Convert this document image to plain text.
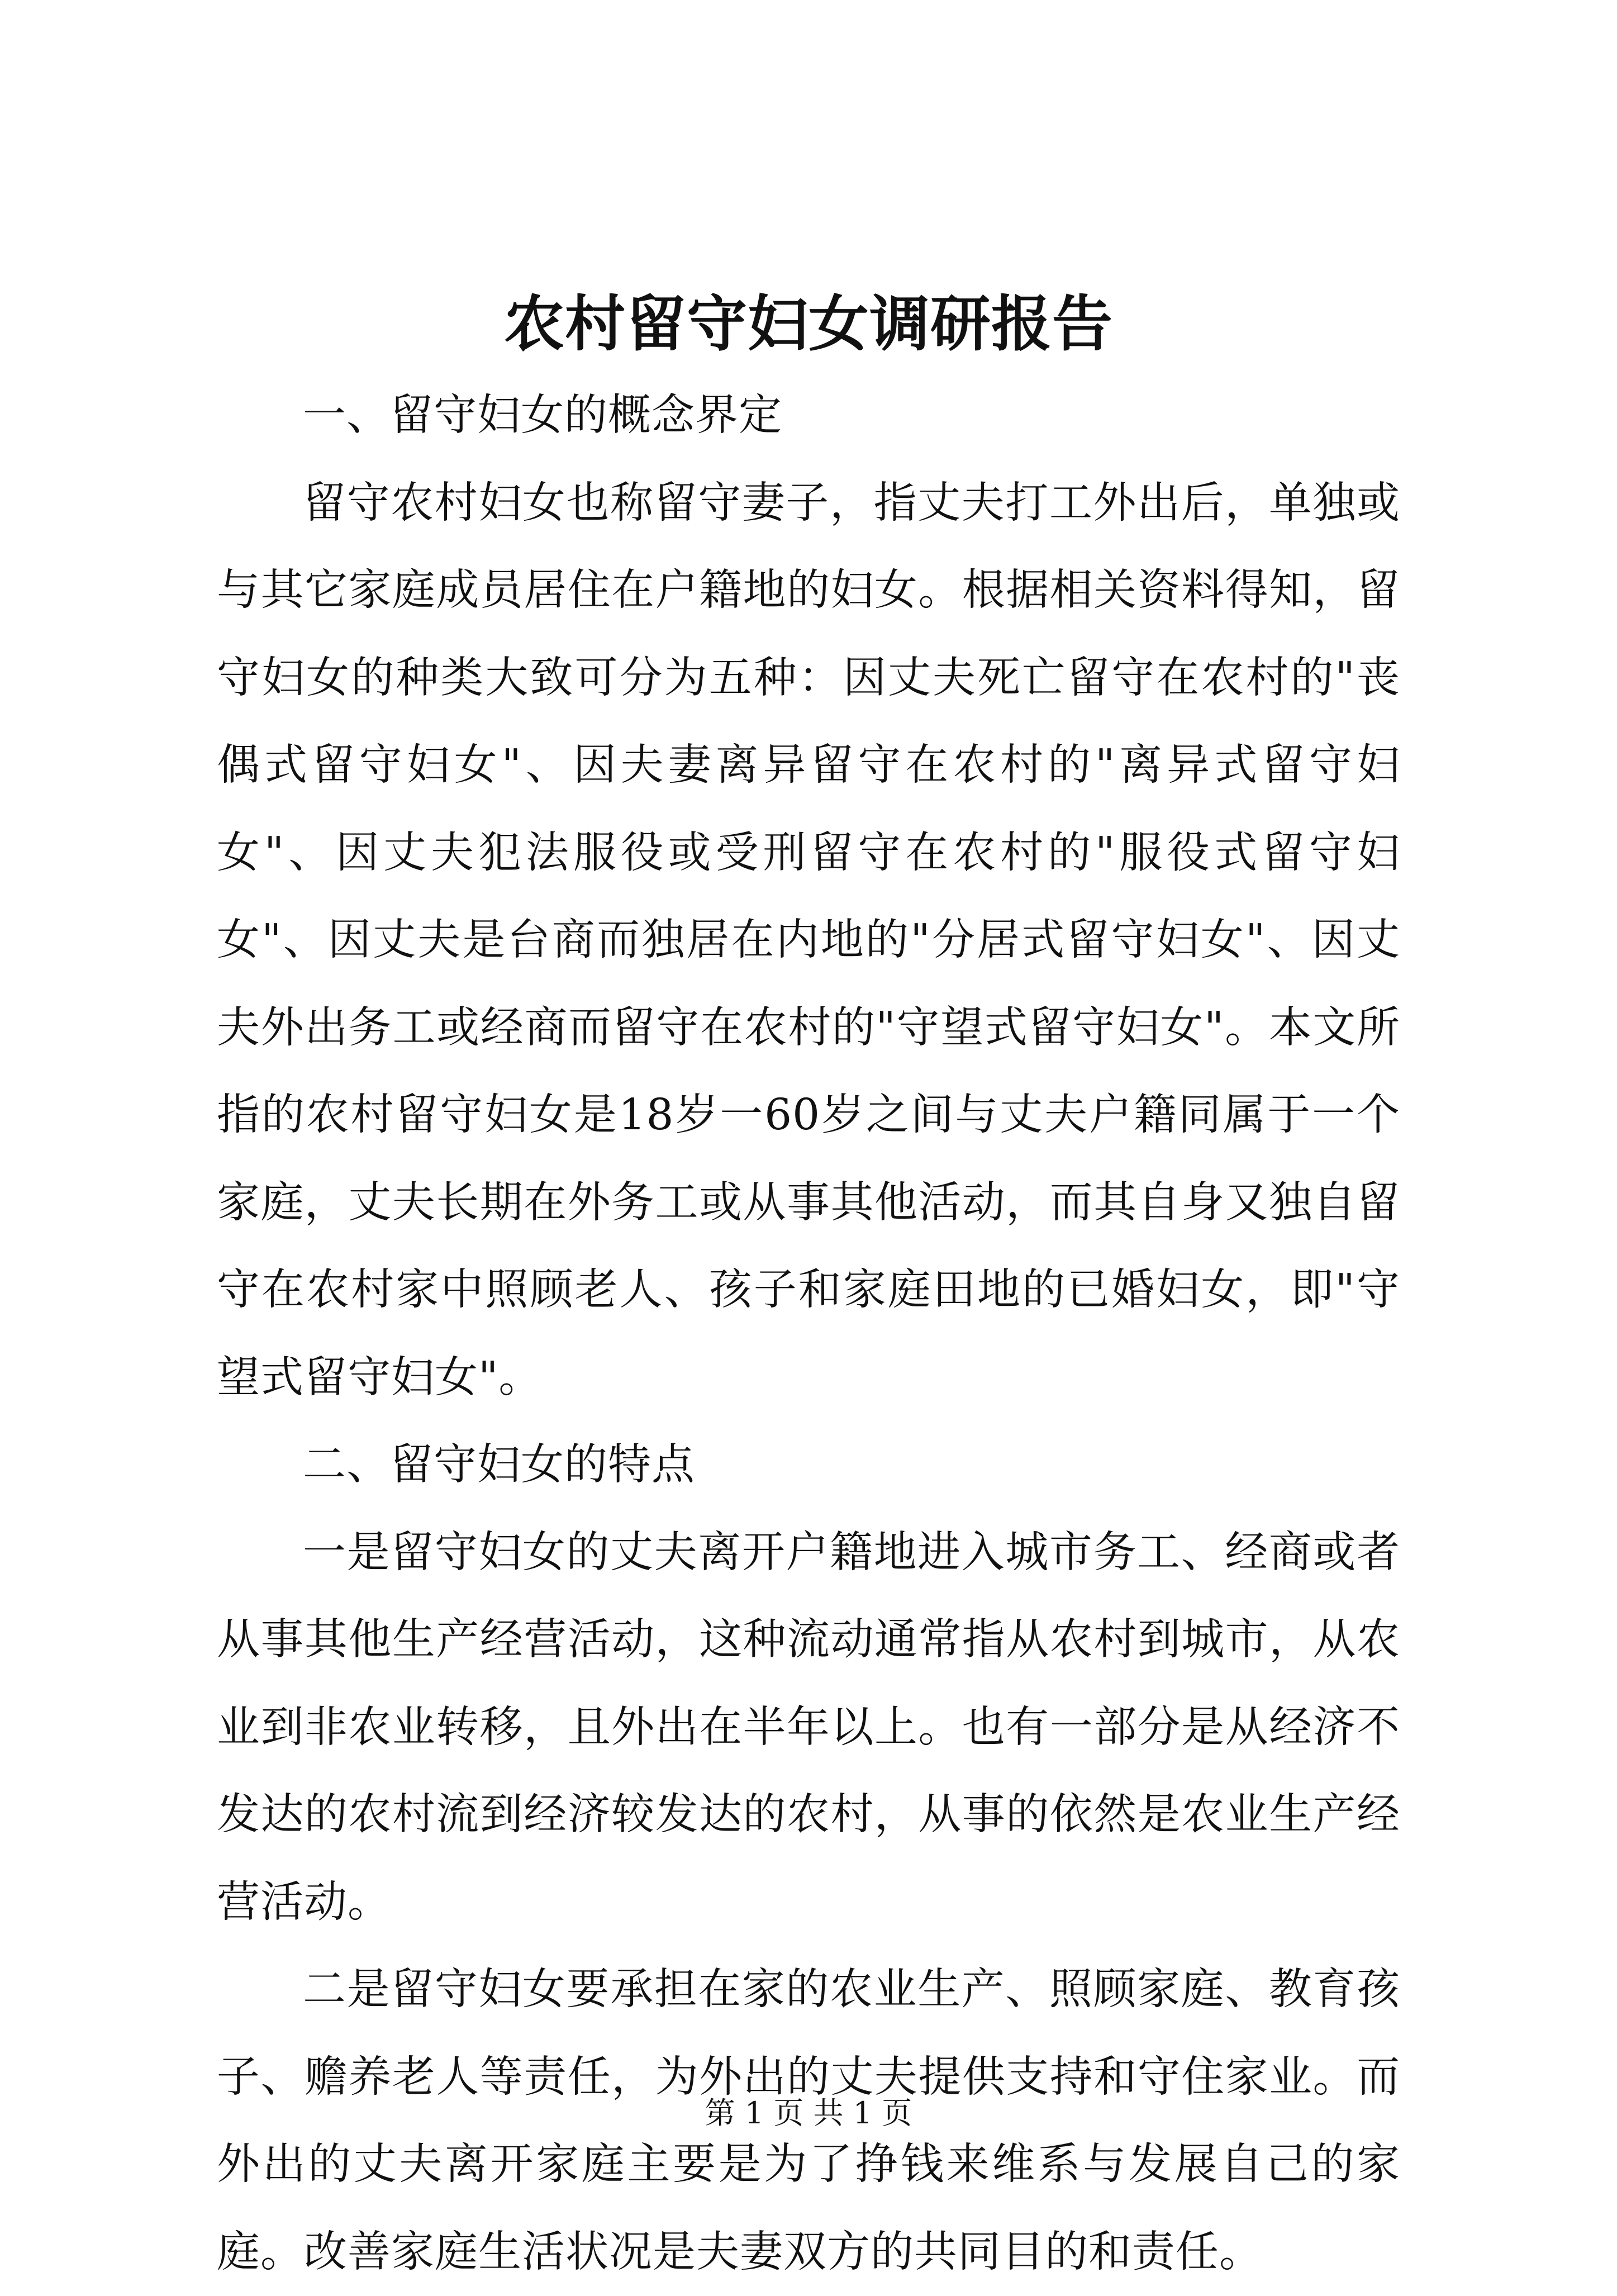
农村留守妇女调研报告

一、留守妇女的概念界定

留守农村妇女也称留守妻子，指丈夫打工外出后，单独或与其它家庭成员居住在户籍地的妇女。根据相关资料得知，留守妇女的种类大致可分为五种：因丈夫死亡留守在农村的"丧偶式留守妇女"、因夫妻离异留守在农村的"离异式留守妇女"、因丈夫犯法服役或受刑留守在农村的"服役式留守妇女"、因丈夫是台商而独居在内地的"分居式留守妇女"、因丈夫外出务工或经商而留守在农村的"守望式留守妇女"。本文所指的农村留守妇女是18岁一60岁之间与丈夫户籍同属于一个家庭，丈夫长期在外务工或从事其他活动，而其自身又独自留守在农村家中照顾老人、孩子和家庭田地的已婚妇女，即"守望式留守妇女"。

二、留守妇女的特点

一是留守妇女的丈夫离开户籍地进入城市务工、经商或者从事其他生产经营活动，这种流动通常指从农村到城市，从农业到非农业转移，且外出在半年以上。也有一部分是从经济不发达的农村流到经济较发达的农村，从事的依然是农业生产经营活动。

二是留守妇女要承担在家的农业生产、照顾家庭、教育孩子、赡养老人等责任，为外出的丈夫提供支持和守住家业。而外出的丈夫离开家庭主要是为了挣钱来维系与发展自己的家庭。改善家庭生活状况是夫妻双方的共同目的和责任。

第 1 页 共 1 页
